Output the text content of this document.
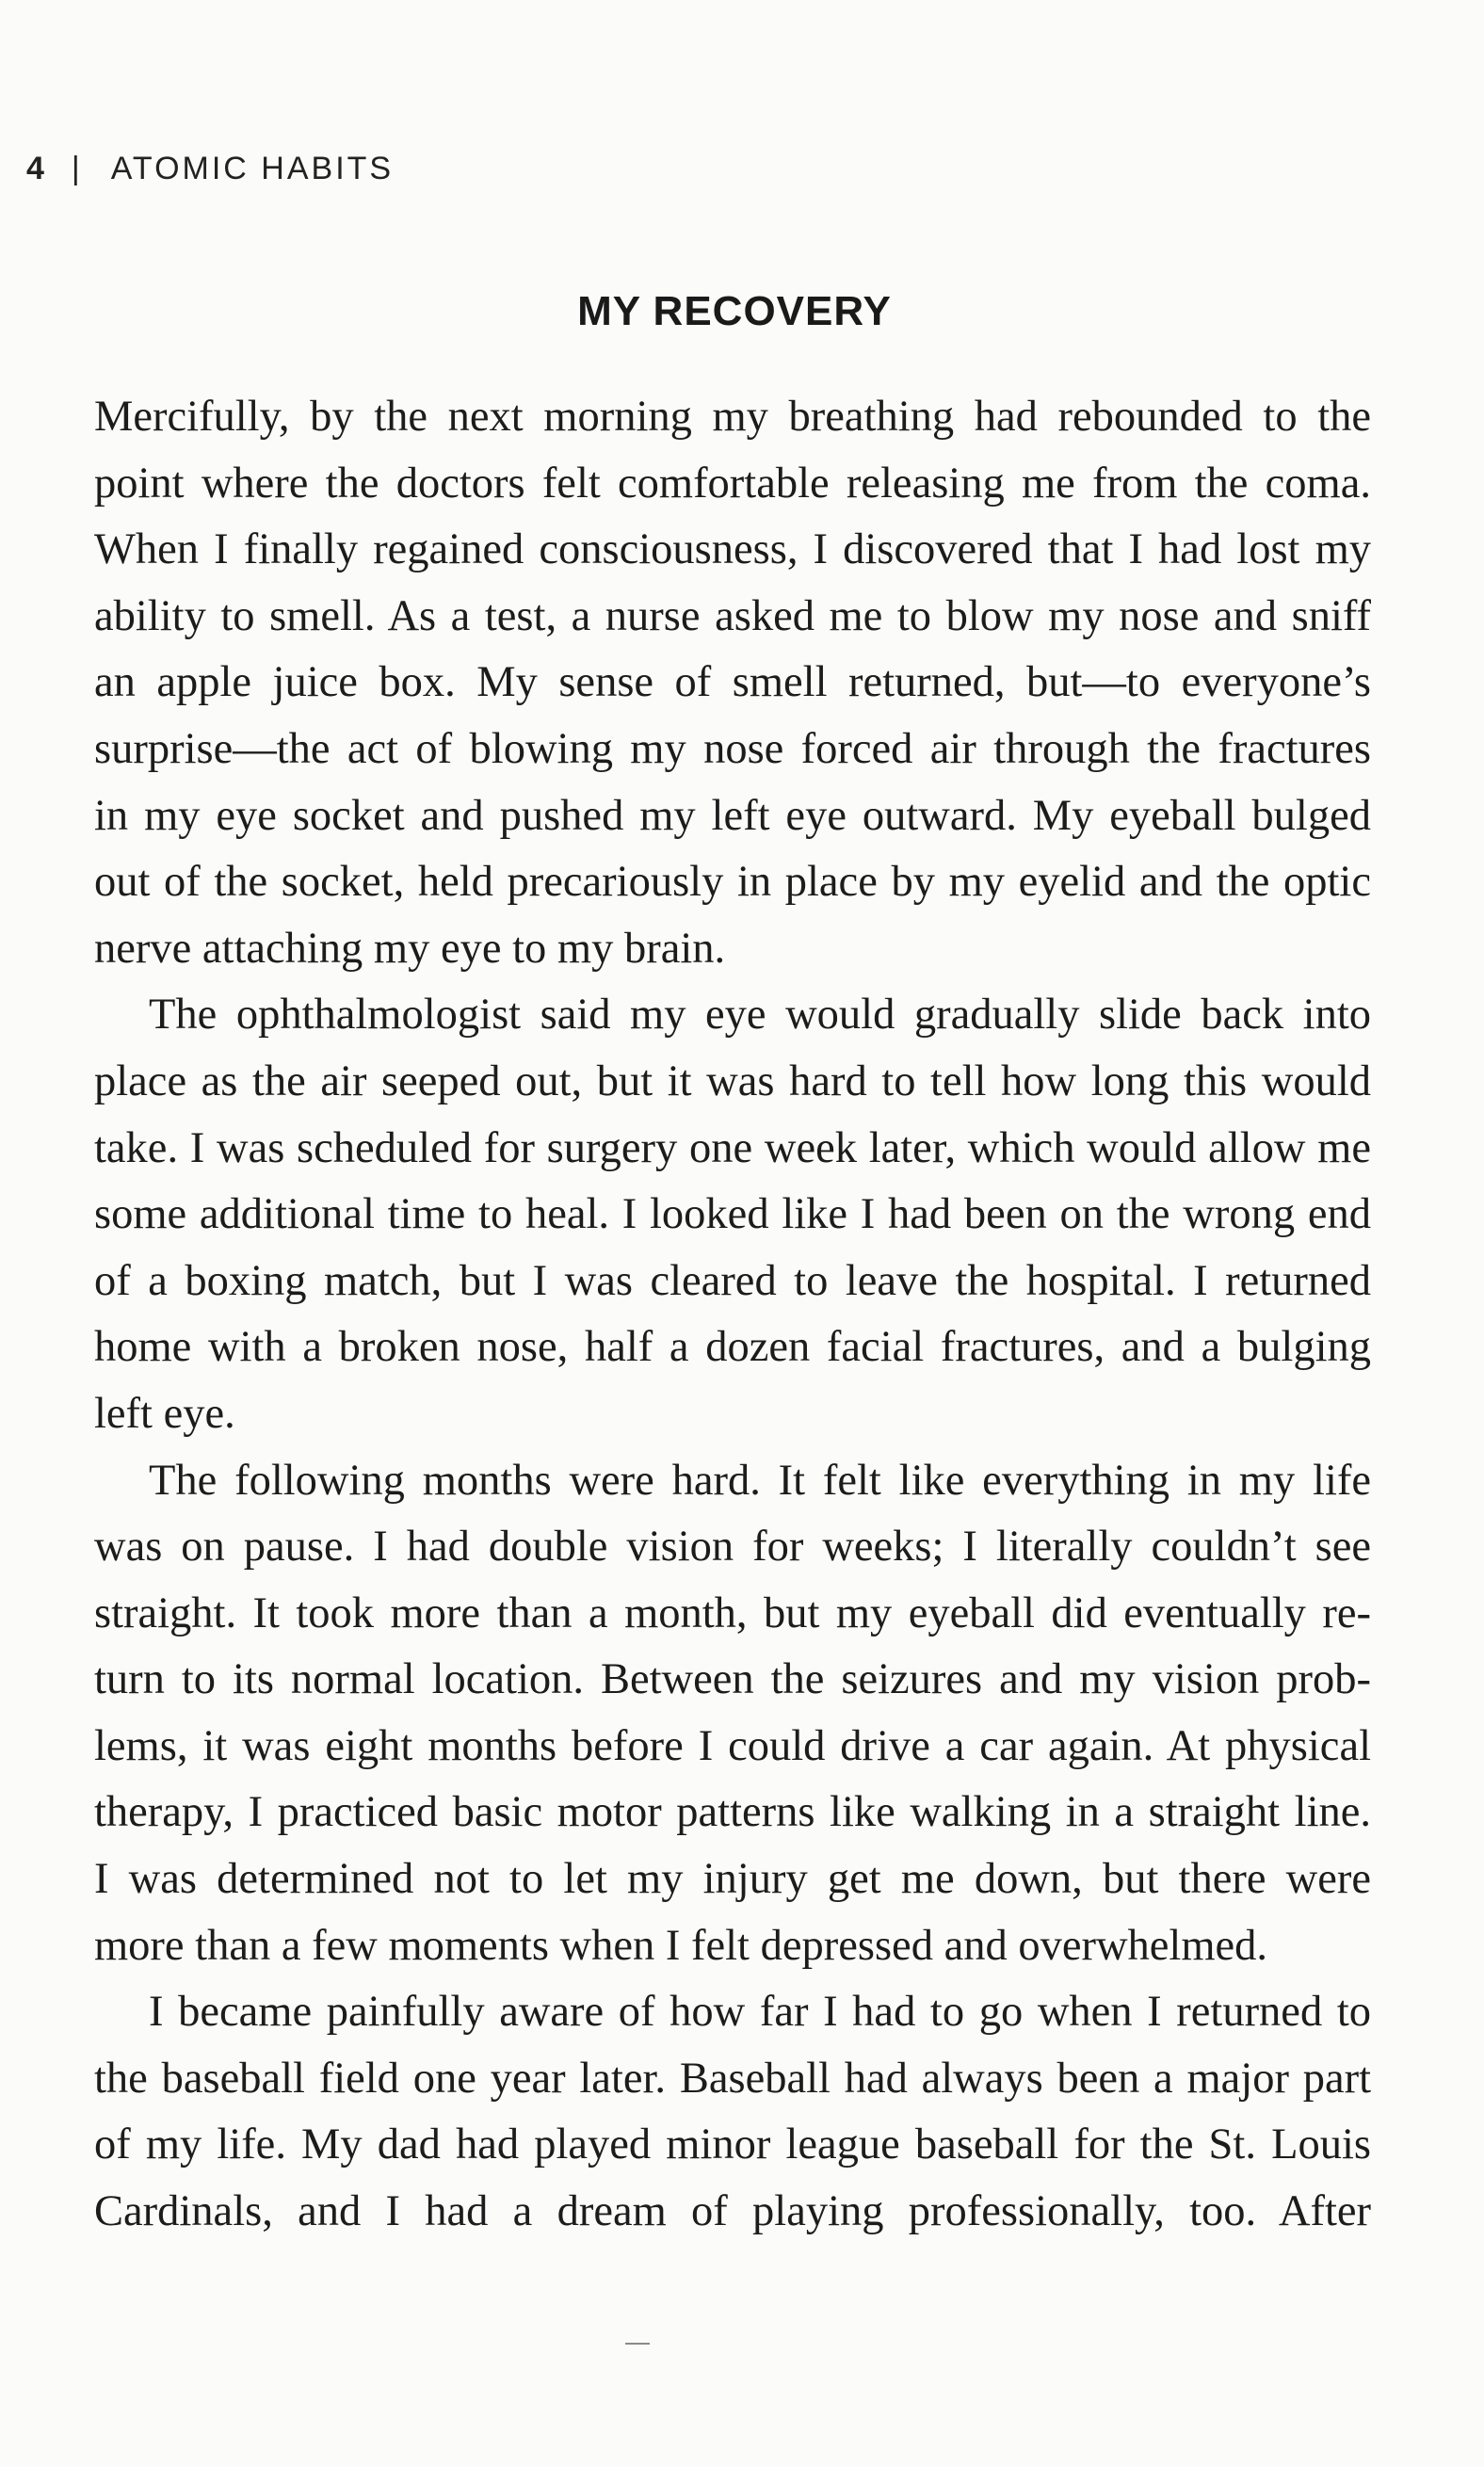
4 | ATOMIC HABITS
MY RECOVERY
Mercifully, by the next morning my breathing had rebounded to the
point where the doctors felt comfortable releasing me from the coma.
When I finally regained consciousness, I discovered that I had lost my
ability to smell. As a test, a nurse asked me to blow my nose and sniff
an apple juice box. My sense of smell returned, but—to everyone’s
surprise—the act of blowing my nose forced air through the fractures
in my eye socket and pushed my left eye outward. My eyeball bulged
out of the socket, held precariously in place by my eyelid and the optic
nerve attaching my eye to my brain.
The ophthalmologist said my eye would gradually slide back into
place as the air seeped out, but it was hard to tell how long this would
take. I was scheduled for surgery one week later, which would allow me
some additional time to heal. I looked like I had been on the wrong end
of a boxing match, but I was cleared to leave the hospital. I returned
home with a broken nose, half a dozen facial fractures, and a bulging
left eye.
The following months were hard. It felt like everything in my life
was on pause. I had double vision for weeks; I literally couldn’t see
straight. It took more than a month, but my eyeball did eventually re-
turn to its normal location. Between the seizures and my vision prob-
lems, it was eight months before I could drive a car again. At physical
therapy, I practiced basic motor patterns like walking in a straight line.
I was determined not to let my injury get me down, but there were
more than a few moments when I felt depressed and overwhelmed.
I became painfully aware of how far I had to go when I returned to
the baseball field one year later. Baseball had always been a major part
of my life. My dad had played minor league baseball for the St. Louis
Cardinals, and I had a dream of playing professionally, too. After
